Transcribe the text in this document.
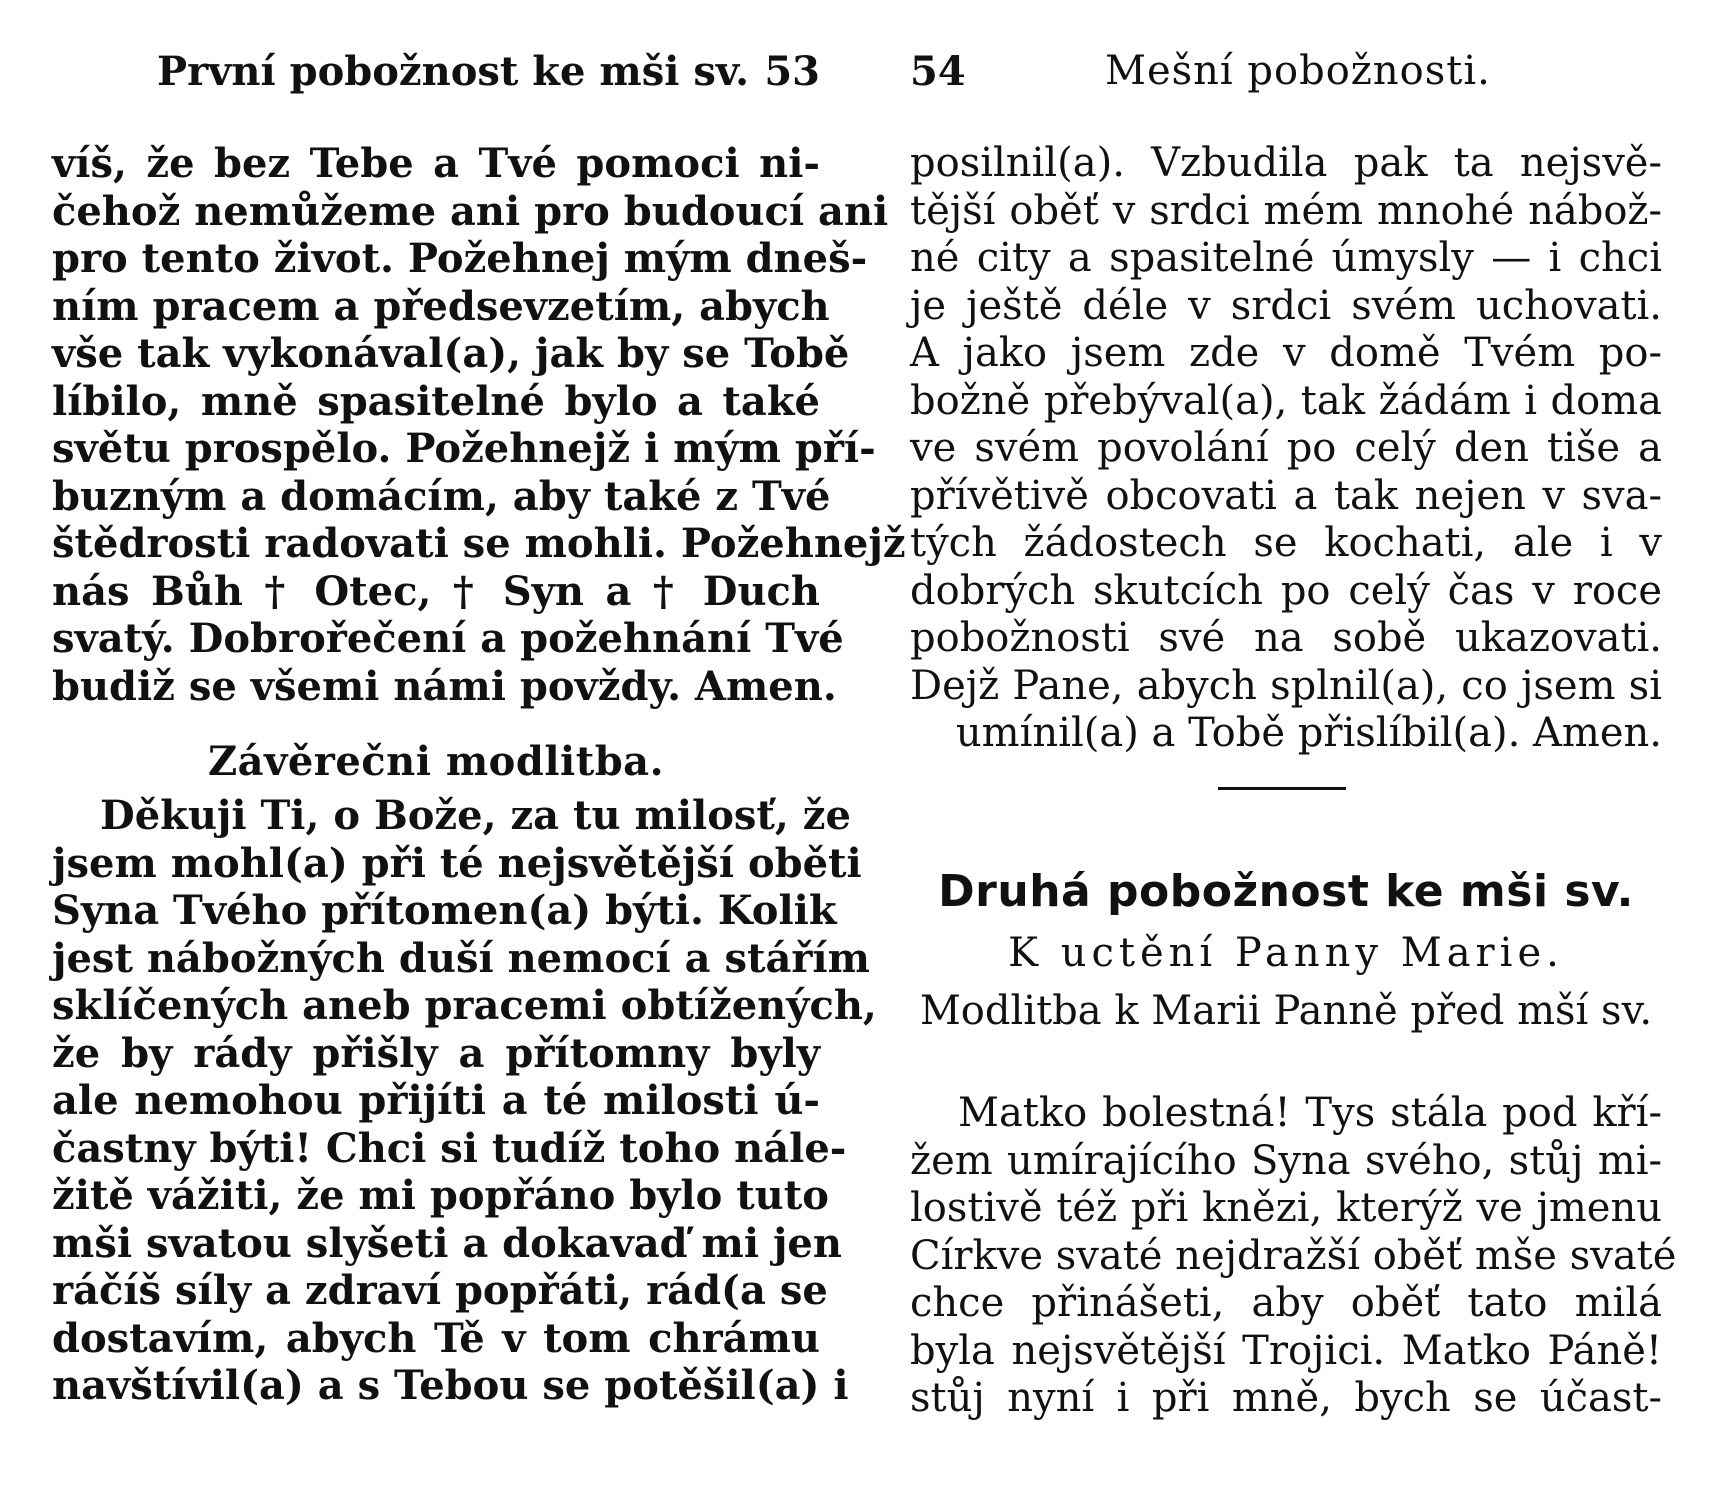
První pobožnost ke mši sv. 53
víš, že bez Tebe a Tvé pomoci ni-
čehož nemůžeme ani pro budoucí ani
pro tento život. Požehnej mým dneš-
ním pracem a předsevzetím, abych
vše tak vykonával(a), jak by se Tobě
líbilo, mně spasitelné bylo a také
světu prospělo. Požehnejž i mým pří-
buzným a domácím, aby také z Tvé
štědrosti radovati se mohli. Požehnejž
nás Bůh † Otec, † Syn a † Duch
svatý. Dobrořečení a požehnání Tvé
budiž se všemi námi povždy. Amen.
Závěrečni modlitba.
Děkuji Ti, o Bože, za tu milosť, že
jsem mohl(a) při té nejsvětější oběti
Syna Tvého přítomen(a) býti. Kolik
jest nábožných duší nemocí a stářím
sklíčených aneb pracemi obtížených,
že by rády přišly a přítomny byly
ale nemohou přijíti a té milosti ú-
častny býti! Chci si tudíž toho nále-
žitě vážiti, že mi popřáno bylo tuto
mši svatou slyšeti a dokavaď mi jen
ráčíš síly a zdraví popřáti, rád(a se
dostavím, abych Tě v tom chrámu
navštívil(a) a s Tebou se potěšil(a) i
54	Mešní pobožnosti.
posilnil(a). Vzbudila pak ta nejsvě-
tější oběť v srdci mém mnohé nábož-
né city a spasitelné úmysly — i chci
je ještě déle v srdci svém uchovati.
A jako jsem zde v domě Tvém po-
božně přebýval(a), tak žádám i doma
ve svém povolání po celý den tiše a
přívětivě obcovati a tak nejen v sva-
tých žádostech se kochati, ale i v
dobrých skutcích po celý čas v roce
pobožnosti své na sobě ukazovati.
Dejž Pane, abych splnil(a), co jsem si
umínil(a) a Tobě přislíbil(a). Amen.
Druhá pobožnost ke mši sv.
K uctění Panny Marie.
Modlitba k Marii Panně před mší sv.
Matko bolestná! Tys stála pod kří-
žem umírajícího Syna svého, stůj mi-
lostivě též při knězi, kterýž ve jmenu
Církve svaté nejdražší oběť mše svaté
chce přinášeti, aby oběť tato milá
byla nejsvětější Trojici. Matko Páně!
stůj nyní i při mně, bych se účast-
